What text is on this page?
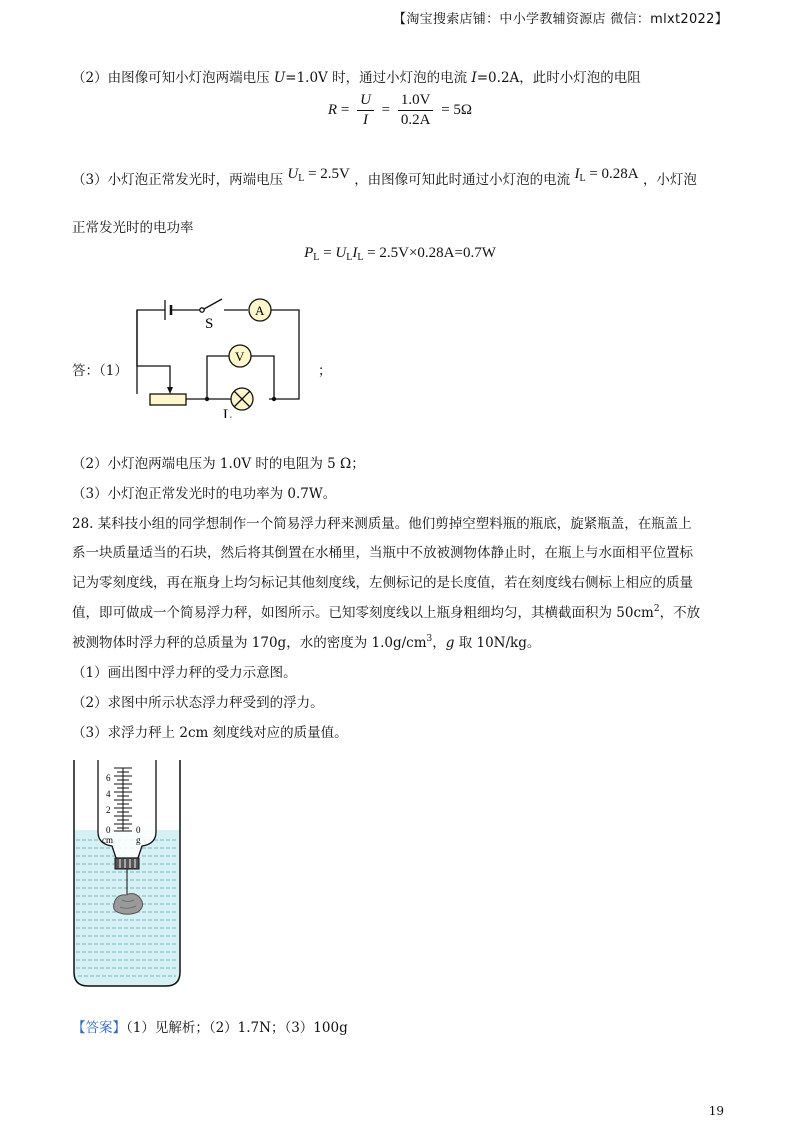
【淘宝搜索店铺：中小学教辅资源店 微信：mlxt2022】
（2）由图像可知小灯泡两端电压 U=1.0V 时，通过小灯泡的电流 I=0.2A，此时小灯泡的电阻
$R = \frac{U}{I} = \frac{1.0V}{0.2A} = 5\Omega$
（3）小灯泡正常发光时，两端电压 $U_L = 2.5V$ ，由图像可知此时通过小灯泡的电流 $I_L = 0.28A$ ，小灯泡
正常发光时的电功率
$P_L = U_LI_L = 2.5V\times 0.28A=0.7W$
答：（1）
S
A
V
L
；
（2）小灯泡两端电压为 1.0V 时的电阻为 5 Ω；
（3）小灯泡正常发光时的电功率为 0.7W。
28. 某科技小组的同学想制作一个简易浮力秤来测质量。他们剪掉空塑料瓶的瓶底，旋紧瓶盖，在瓶盖上
系一块质量适当的石块，然后将其倒置在水桶里，当瓶中不放被测物体静止时，在瓶上与水面相平位置标
记为零刻度线，再在瓶身上均匀标记其他刻度线，左侧标记的是长度值，若在刻度线右侧标上相应的质量
值，即可做成一个简易浮力秤，如图所示。已知零刻度线以上瓶身粗细均匀，其横截面积为 $50cm^2$，不放
被测物体时浮力秤的总质量为 170g，水的密度为 $1.0g/cm^3$，g 取 10N/kg。
（1）画出图中浮力秤的受力示意图。
（2）求图中所示状态浮力秤受到的浮力。
（3）求浮力秤上 2cm 刻度线对应的质量值。
6
4
2
0	0
cm	g
【答案】（1）见解析；（2）1.7N；（3）100g
19
